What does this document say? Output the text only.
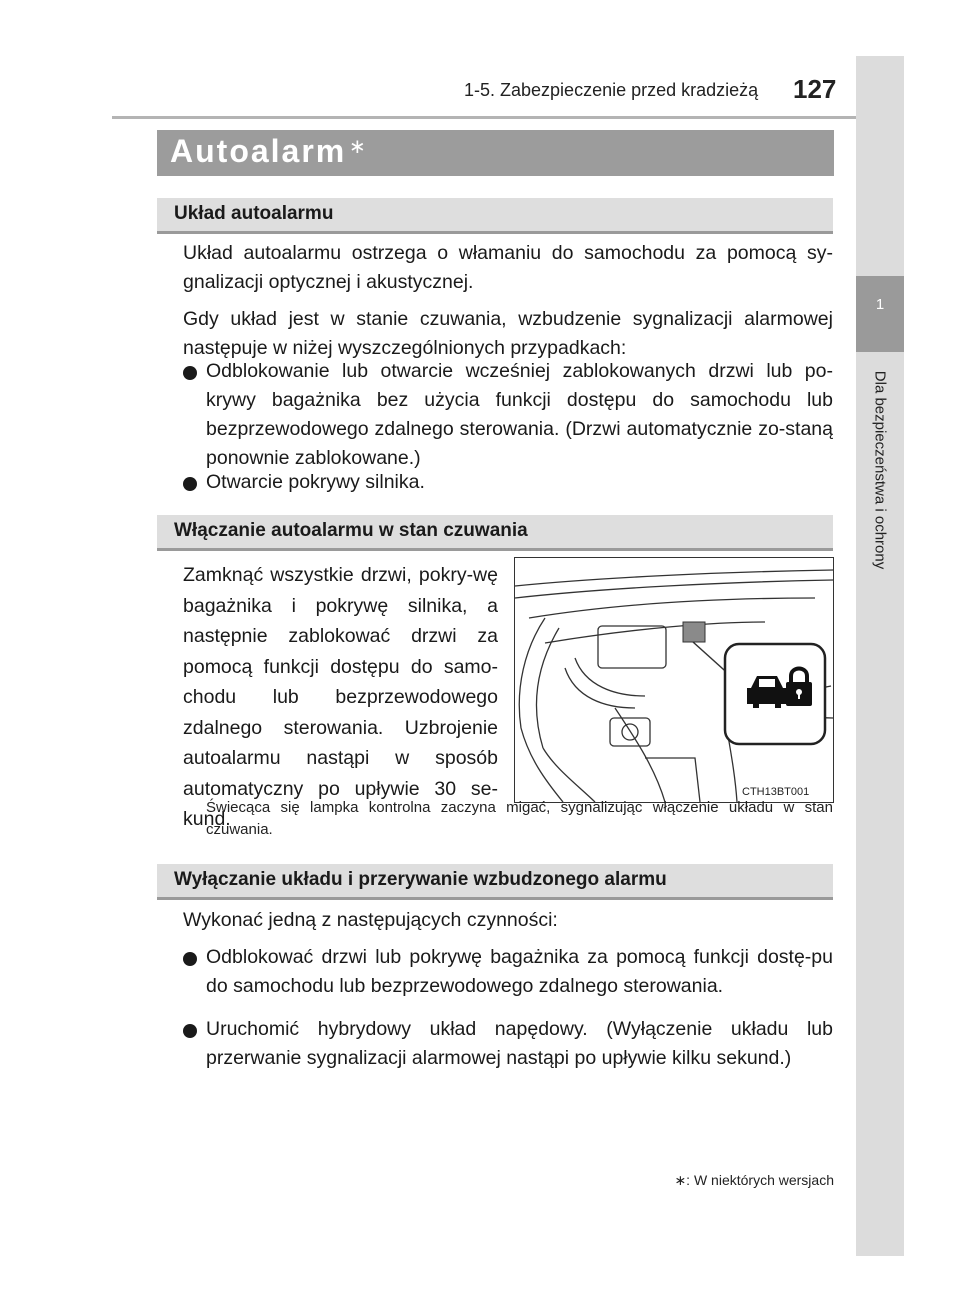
1-5. Zabezpieczenie przed kradzieżą 127
1
Dla bezpieczeństwa i ochrony
Autoalarm ∗
Układ autoalarmu

Układ autoalarmu ostrzega o włamaniu do samochodu za pomocą sy-gnalizacji optycznej i akustycznej.

Gdy układ jest w stanie czuwania, wzbudzenie sygnalizacji alarmowej następuje w niżej wyszczególnionych przypadkach:

Odblokowanie lub otwarcie wcześniej zablokowanych drzwi lub po-krywy bagażnika bez użycia funkcji dostępu do samochodu lub bezprzewodowego zdalnego sterowania. (Drzwi automatycznie zo-staną ponownie zablokowane.)

Otwarcie pokrywy silnika.

Włączanie autoalarmu w stan czuwania

Zamknąć wszystkie drzwi, pokry-wę bagażnika i pokrywę silnika, a następnie zablokować drzwi za pomocą funkcji dostępu do samo-chodu lub bezprzewodowego zdalnego sterowania. Uzbrojenie autoalarmu nastąpi w sposób automatyczny po upływie 30 se-kund.

CTH13BT001

Świecąca się lampka kontrolna zaczyna migać, sygnalizując włączenie układu w stan czuwania.

Wyłączanie układu i przerywanie wzbudzonego alarmu

Wykonać jedną z następujących czynności:

Odblokować drzwi lub pokrywę bagażnika za pomocą funkcji dostę-pu do samochodu lub bezprzewodowego zdalnego sterowania.

Uruchomić hybrydowy układ napędowy. (Wyłączenie układu lub przerwanie sygnalizacji alarmowej nastąpi po upływie kilku sekund.)

∗: W niektórych wersjach
